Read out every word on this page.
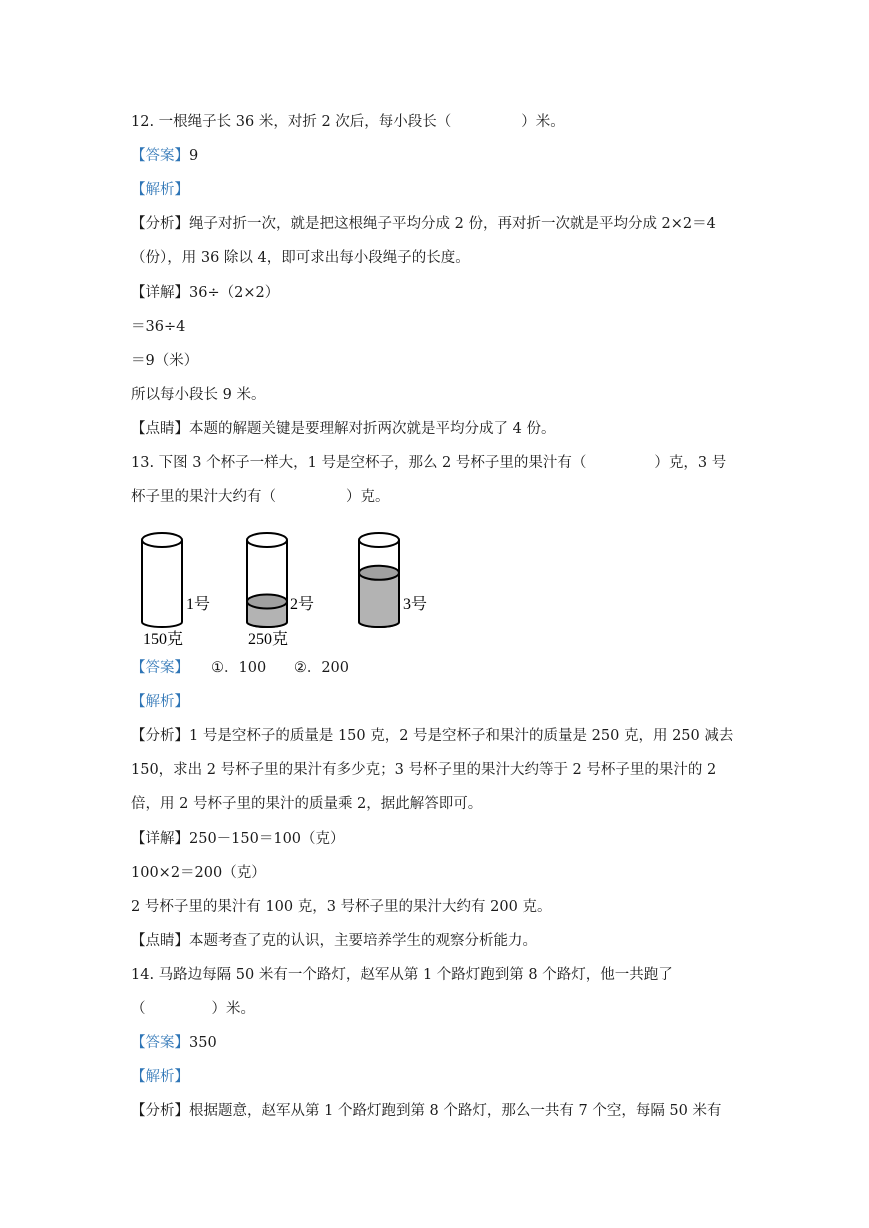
12. 一根绳子长 36 米，对折 2 次后，每小段长（	）米。
【答案】9
【解析】
【分析】绳子对折一次，就是把这根绳子平均分成 2 份，再对折一次就是平均分成 2×2＝4
（份），用 36 除以 4，即可求出每小段绳子的长度。
【详解】36÷（2×2）
＝36÷4
＝9（米）
所以每小段长 9 米。
【点睛】本题的解题关键是要理解对折两次就是平均分成了 4 份。
13. 下图 3 个杯子一样大，1 号是空杯子，那么 2 号杯子里的果汁有（	）克，3 号
杯子里的果汁大约有（	）克。
1号
150克
2号
250克
3号
【答案】 ①．100      ②．200
【解析】
【分析】1 号是空杯子的质量是 150 克，2 号是空杯子和果汁的质量是 250 克，用 250 减去
150，求出 2 号杯子里的果汁有多少克；3 号杯子里的果汁大约等于 2 号杯子里的果汁的 2
倍，用 2 号杯子里的果汁的质量乘 2，据此解答即可。
【详解】250－150＝100（克）
100×2＝200（克）
2 号杯子里的果汁有 100 克，3 号杯子里的果汁大约有 200 克。
【点睛】本题考查了克的认识，主要培养学生的观察分析能力。
14. 马路边每隔 50 米有一个路灯，赵军从第 1 个路灯跑到第 8 个路灯，他一共跑了
（	）米。
【答案】350
【解析】
【分析】根据题意，赵军从第 1 个路灯跑到第 8 个路灯，那么一共有 7 个空，每隔 50 米有
